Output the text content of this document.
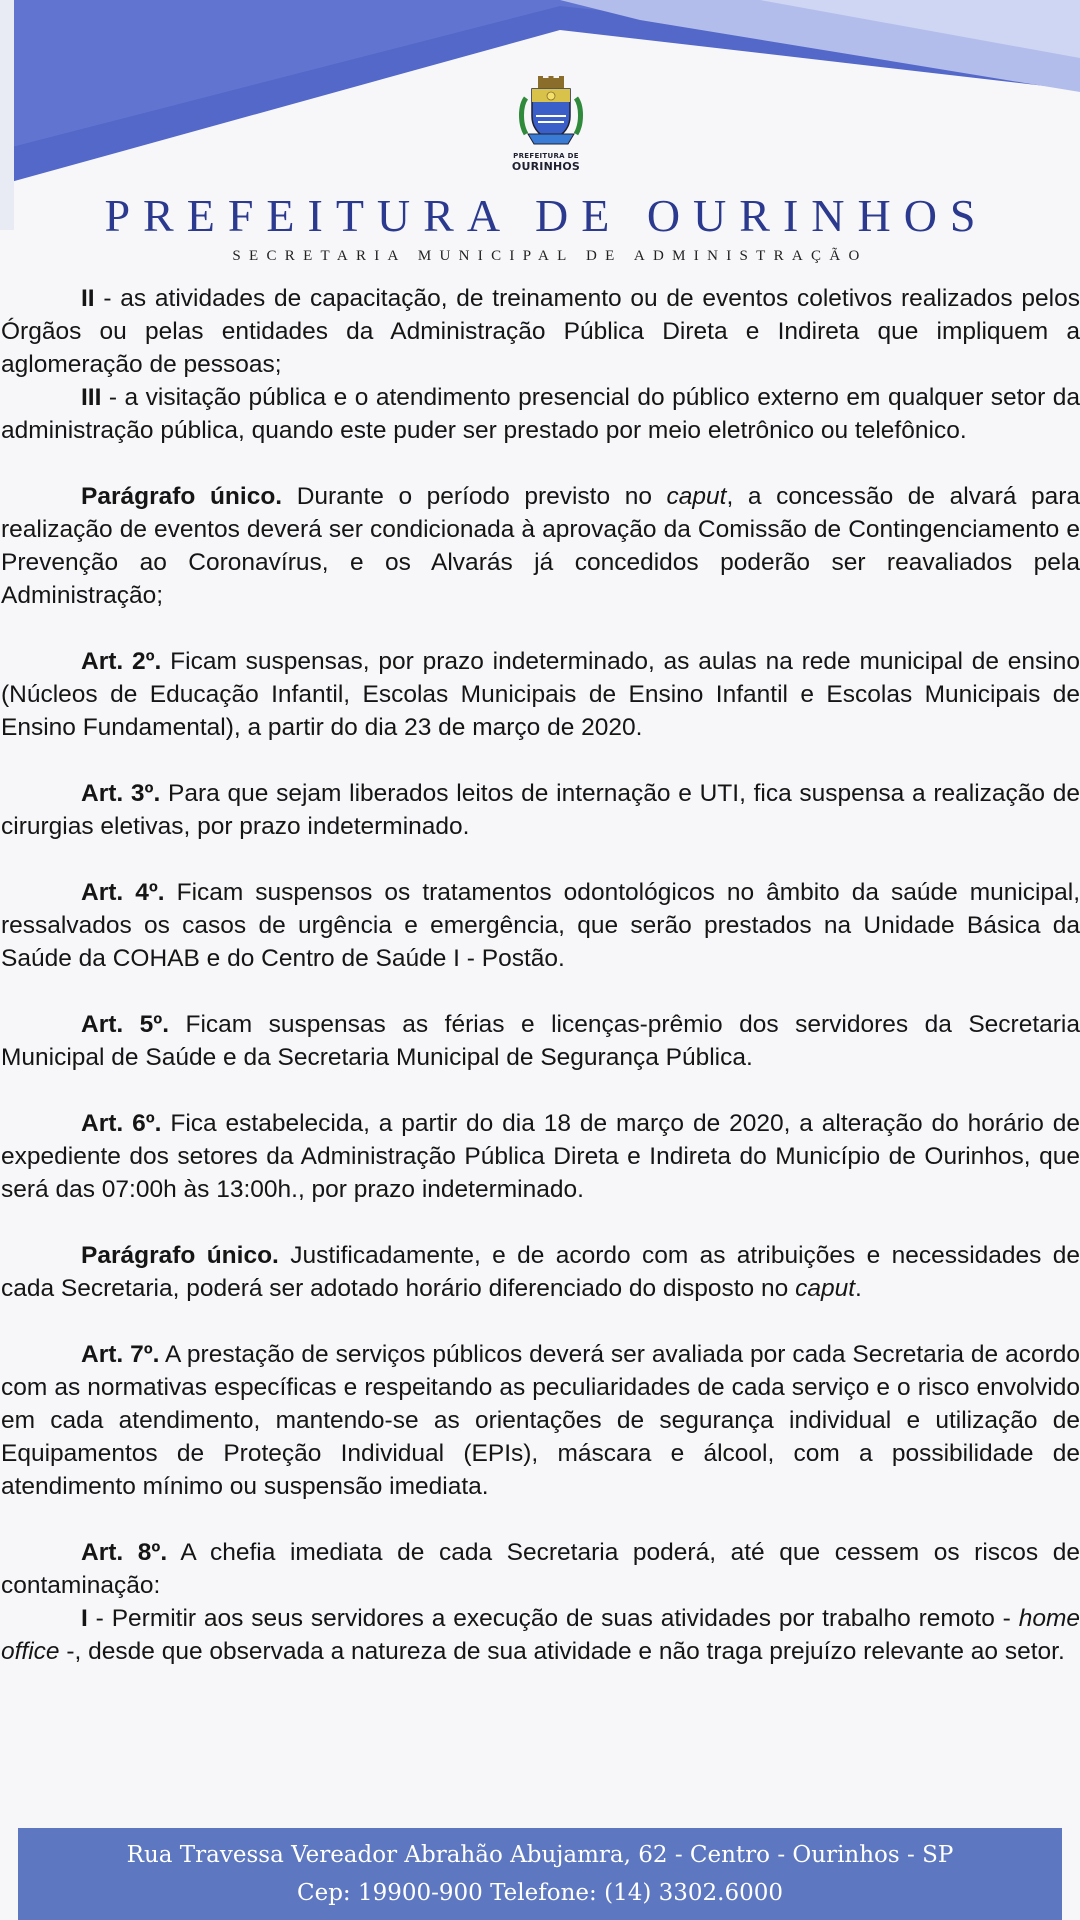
PREFEITURA DE
OURINHOS
PREFEITURA DE OURINHOS
SECRETARIA MUNICIPAL DE ADMINISTRAÇÃO

II - as atividades de capacitação, de treinamento ou de eventos coletivos realizados pelos Órgãos ou pelas entidades da Administração Pública Direta e Indireta que impliquem a aglomeração de pessoas;

III - a visitação pública e o atendimento presencial do público externo em qualquer setor da administração pública, quando este puder ser prestado por meio eletrônico ou telefônico.

Parágrafo único. Durante o período previsto no caput, a concessão de alvará para realização de eventos deverá ser condicionada à aprovação da Comissão de Contingenciamento e Prevenção ao Coronavírus, e os Alvarás já concedidos poderão ser reavaliados pela Administração;

Art. 2º. Ficam suspensas, por prazo indeterminado, as aulas na rede municipal de ensino (Núcleos de Educação Infantil, Escolas Municipais de Ensino Infantil e Escolas Municipais de Ensino Fundamental), a partir do dia 23 de março de 2020.

Art. 3º. Para que sejam liberados leitos de internação e UTI, fica suspensa a realização de cirurgias eletivas, por prazo indeterminado.

Art. 4º. Ficam suspensos os tratamentos odontológicos no âmbito da saúde municipal, ressalvados os casos de urgência e emergência, que serão prestados na Unidade Básica da Saúde da COHAB e do Centro de Saúde I - Postão.

Art. 5º. Ficam suspensas as férias e licenças-prêmio dos servidores da Secretaria Municipal de Saúde e da Secretaria Municipal de Segurança Pública.

Art. 6º. Fica estabelecida, a partir do dia 18 de março de 2020, a alteração do horário de expediente dos setores da Administração Pública Direta e Indireta do Município de Ourinhos, que será das 07:00h às 13:00h., por prazo indeterminado.

Parágrafo único. Justificadamente, e de acordo com as atribuições e necessidades de cada Secretaria, poderá ser adotado horário diferenciado do disposto no caput.

Art. 7º. A prestação de serviços públicos deverá ser avaliada por cada Secretaria de acordo com as normativas específicas e respeitando as peculiaridades de cada serviço e o risco envolvido em cada atendimento, mantendo-se as orientações de segurança individual e utilização de Equipamentos de Proteção Individual (EPIs), máscara e álcool, com a possibilidade de atendimento mínimo ou suspensão imediata.

Art. 8º. A chefia imediata de cada Secretaria poderá, até que cessem os riscos de contaminação:

I - Permitir aos seus servidores a execução de suas atividades por trabalho remoto - home office -, desde que observada a natureza de sua atividade e não traga prejuízo relevante ao setor.

Rua Travessa Vereador Abrahão Abujamra, 62 - Centro - Ourinhos - SP
Cep: 19900-900 Telefone: (14) 3302.6000
